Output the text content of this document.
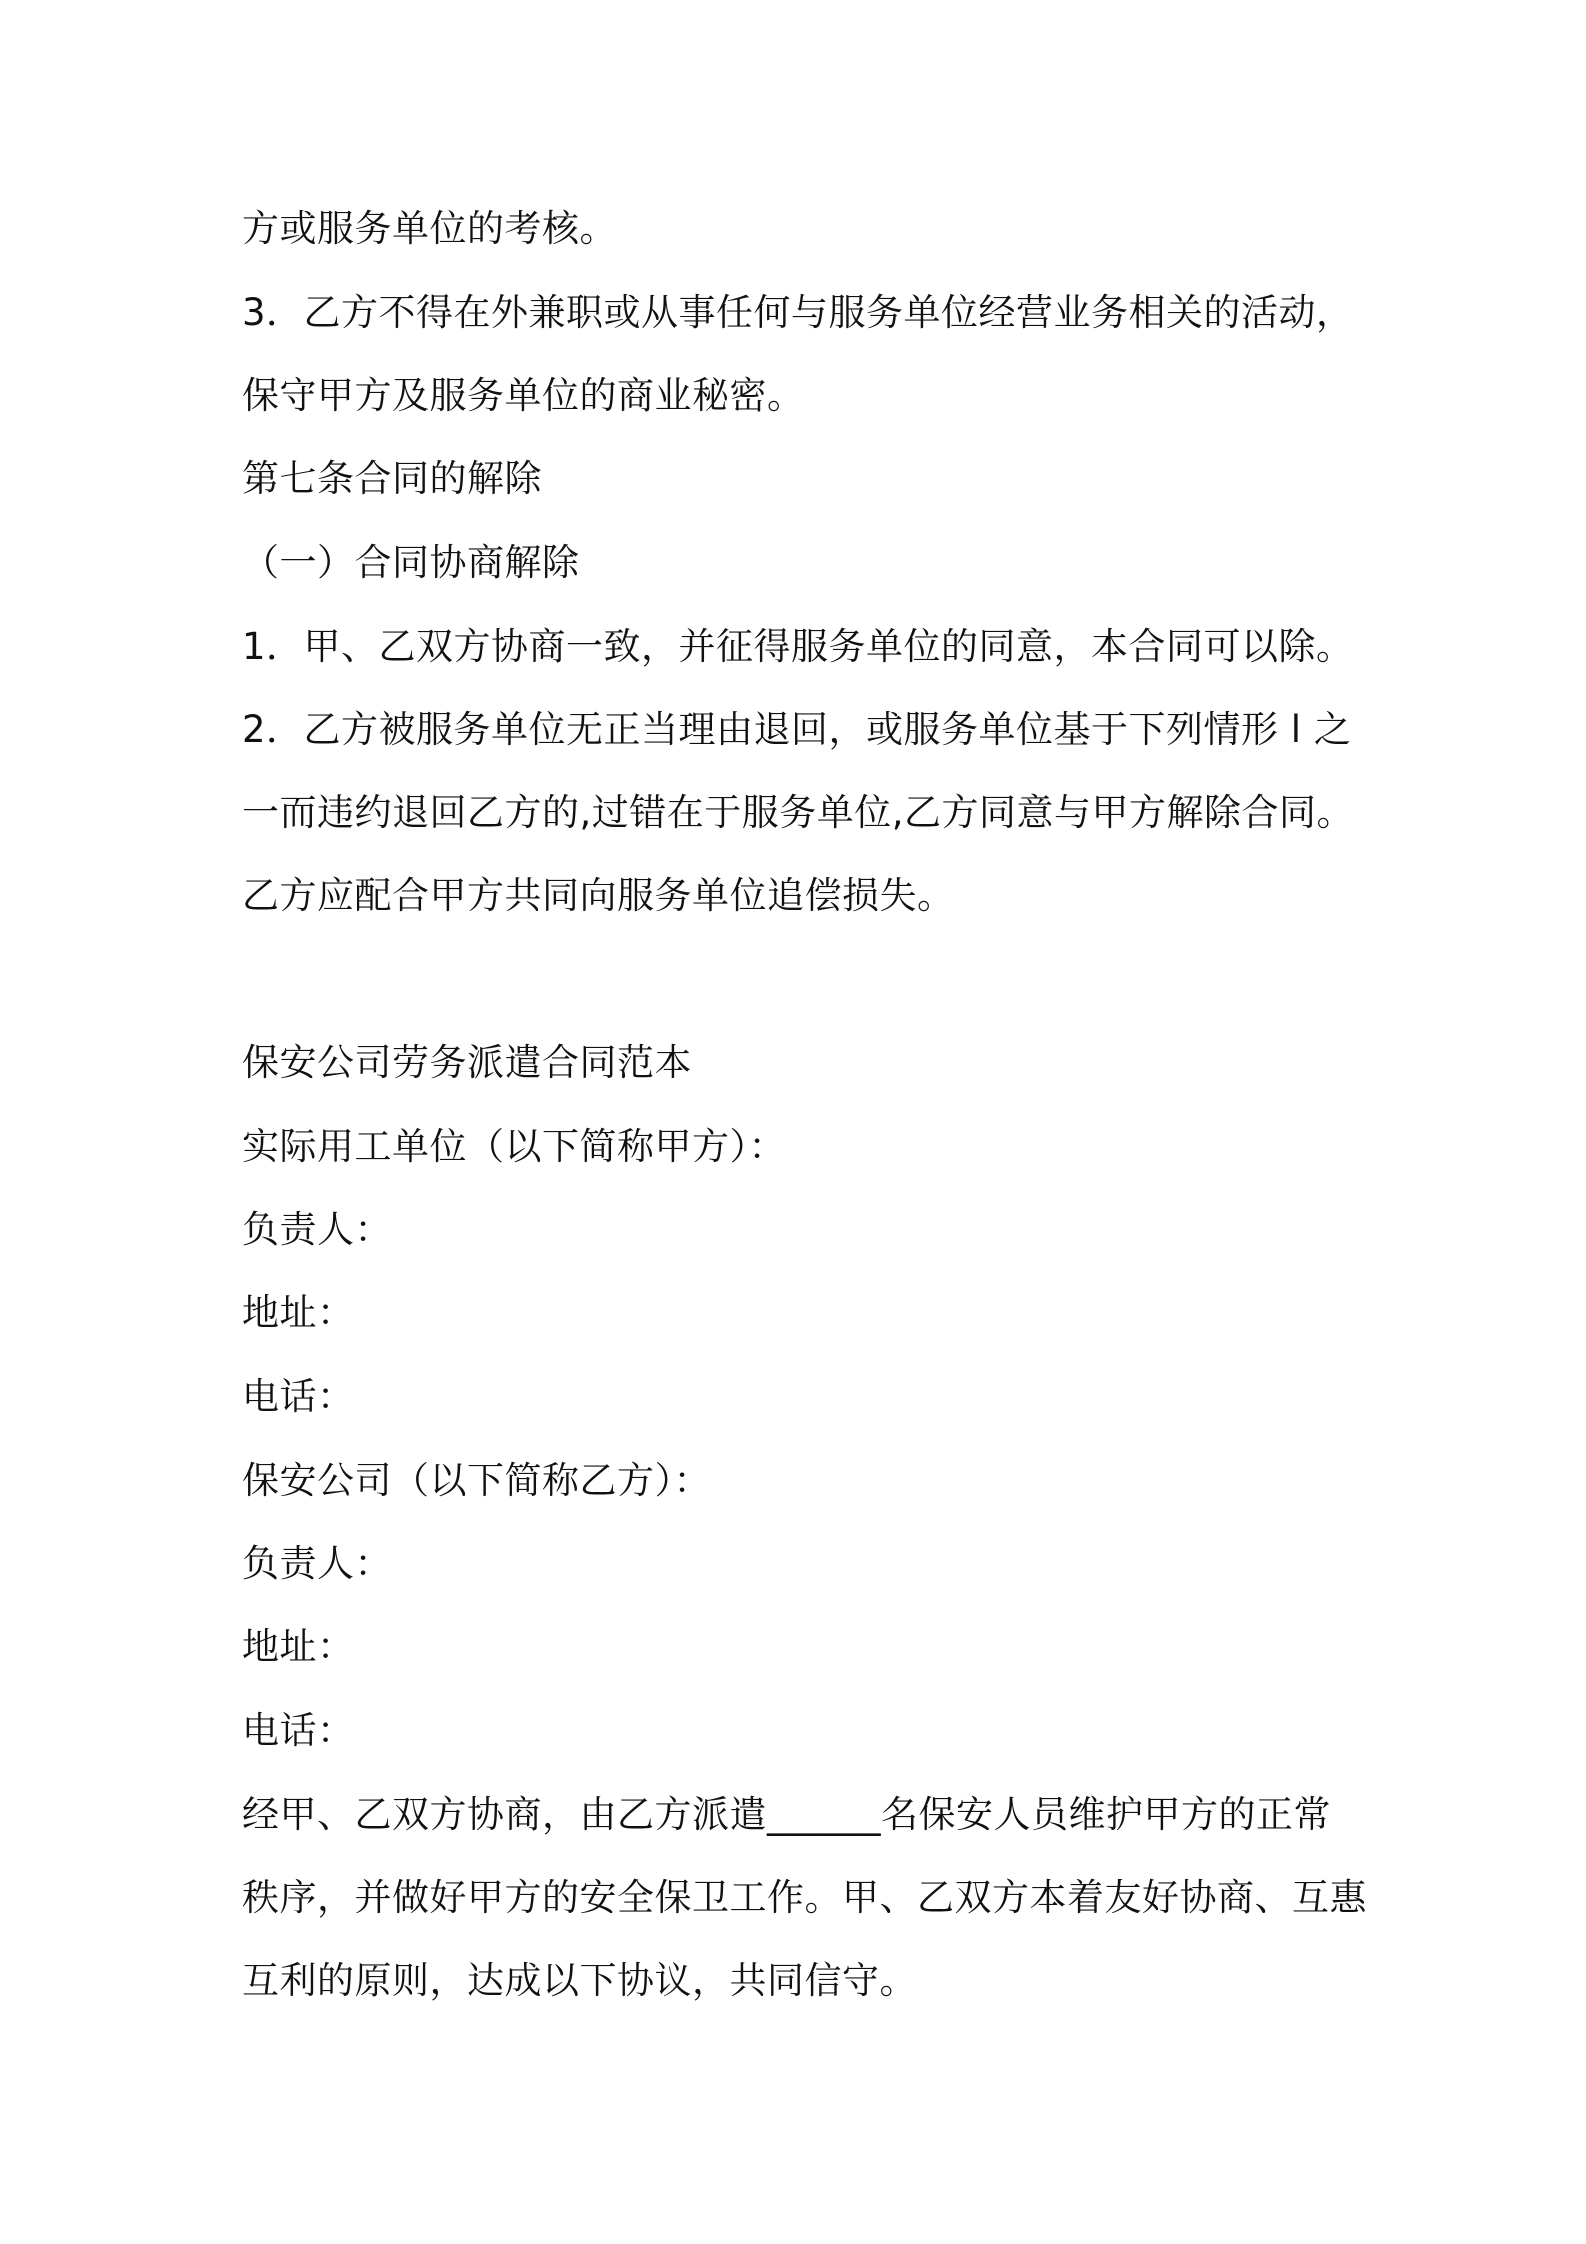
方或服务单位的考核。
3．乙方不得在外兼职或从事任何与服务单位经营业务相关的活动，
保守甲方及服务单位的商业秘密。
第七条合同的解除
（一）合同协商解除
1．甲、乙双方协商一致，并征得服务单位的同意，本合同可以除。
2．乙方被服务单位无正当理由退回，或服务单位基于下列情形 l 之
一而违约退回乙方的,过错在于服务单位,乙方同意与甲方解除合同。
乙方应配合甲方共同向服务单位追偿损失。
保安公司劳务派遣合同范本
实际用工单位（以下简称甲方）：
负责人：
地址：
电话：
保安公司（以下简称乙方）：
负责人：
地址：
电话：
经甲、乙双方协商，由乙方派遣______名保安人员维护甲方的正常
秩序，并做好甲方的安全保卫工作。甲、乙双方本着友好协商、互惠
互利的原则，达成以下协议，共同信守。
